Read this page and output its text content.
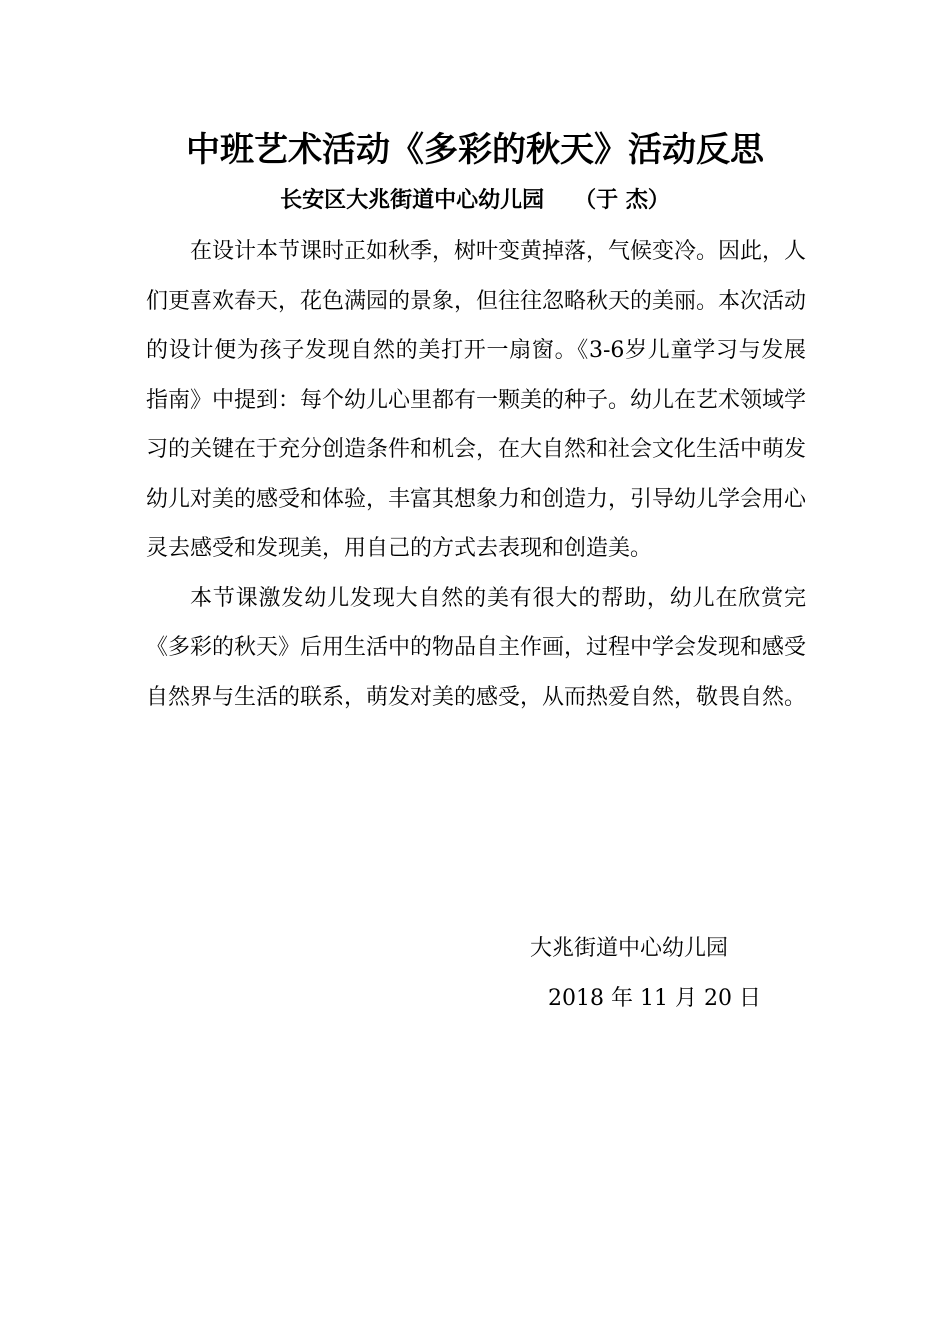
中班艺术活动《多彩的秋天》活动反思
长安区大兆街道中心幼儿园 （于 杰）

在设计本节课时正如秋季，树叶变黄掉落，气候变冷。因此，人们更喜欢春天，花色满园的景象，但往往忽略秋天的美丽。本次活动的设计便为孩子发现自然的美打开一扇窗。《3-6岁儿童学习与发展指南》中提到：每个幼儿心里都有一颗美的种子。幼儿在艺术领域学习的关键在于充分创造条件和机会，在大自然和社会文化生活中萌发幼儿对美的感受和体验，丰富其想象力和创造力，引导幼儿学会用心灵去感受和发现美，用自己的方式去表现和创造美。

本节课激发幼儿发现大自然的美有很大的帮助，幼儿在欣赏完《多彩的秋天》后用生活中的物品自主作画，过程中学会发现和感受自然界与生活的联系，萌发对美的感受，从而热爱自然，敬畏自然。

大兆街道中心幼儿园
2018 年 11 月 20 日
